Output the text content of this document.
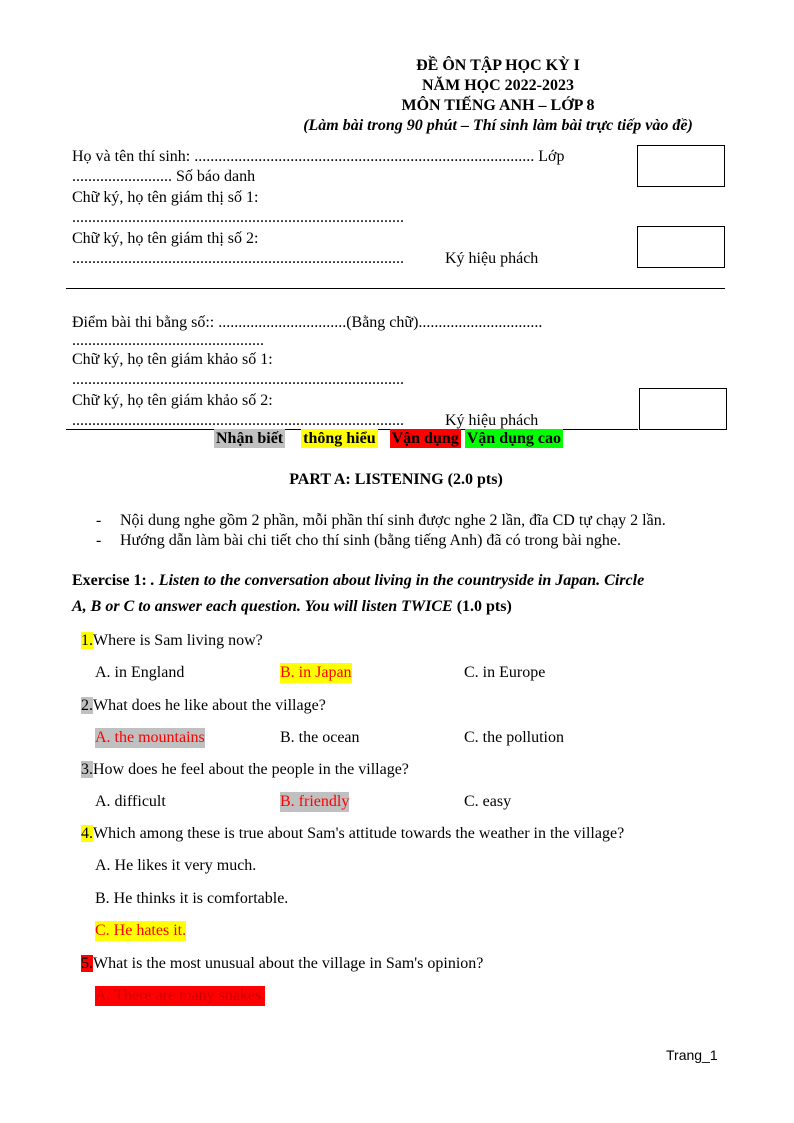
ĐỀ ÔN TẬP HỌC KỲ I
NĂM HỌC 2022-2023
MÔN TIẾNG ANH – LỚP 8
(Làm bài trong 90 phút – Thí sinh làm bài trực tiếp vào đề)
Họ và tên thí sinh: ..................................................................................... Lớp
......................... Số báo danh
Chữ ký, họ tên giám thị số 1:
...................................................................................
Chữ ký, họ tên giám thị số 2:
...................................................................................	Ký hiệu phách
Điểm bài thi bằng số:: ................................(Bằng chữ)...............................
................................................
Chữ ký, họ tên giám khảo số 1:
...................................................................................
Chữ ký, họ tên giám khảo số 2:
...................................................................................	Ký hiệu phách
Nhận biết thông hiểu Vận dụng Vận dụng cao
PART A: LISTENING (2.0 pts)
- Nội dung nghe gồm 2 phần, mỗi phần thí sinh được nghe 2 lần, đĩa CD tự chạy 2 lần.
- Hướng dẫn làm bài chi tiết cho thí sinh (bằng tiếng Anh) đã có trong bài nghe.
Exercise 1: . Listen to the conversation about living in the countryside in Japan. Circle
A, B or C to answer each question. You will listen TWICE (1.0 pts)
1.Where is Sam living now?
A. in England	B. in Japan	C. in Europe
2.What does he like about the village?
A. the mountains	B. the ocean	C. the pollution
3.How does he feel about the people in the village?
A. difficult	B. friendly	C. easy
4.Which among these is true about Sam's attitude towards the weather in the village?
A. He likes it very much.
B. He thinks it is comfortable.
C. He hates it.
5.What is the most unusual about the village in Sam's opinion?
A. There are many snakes.
Trang_1
